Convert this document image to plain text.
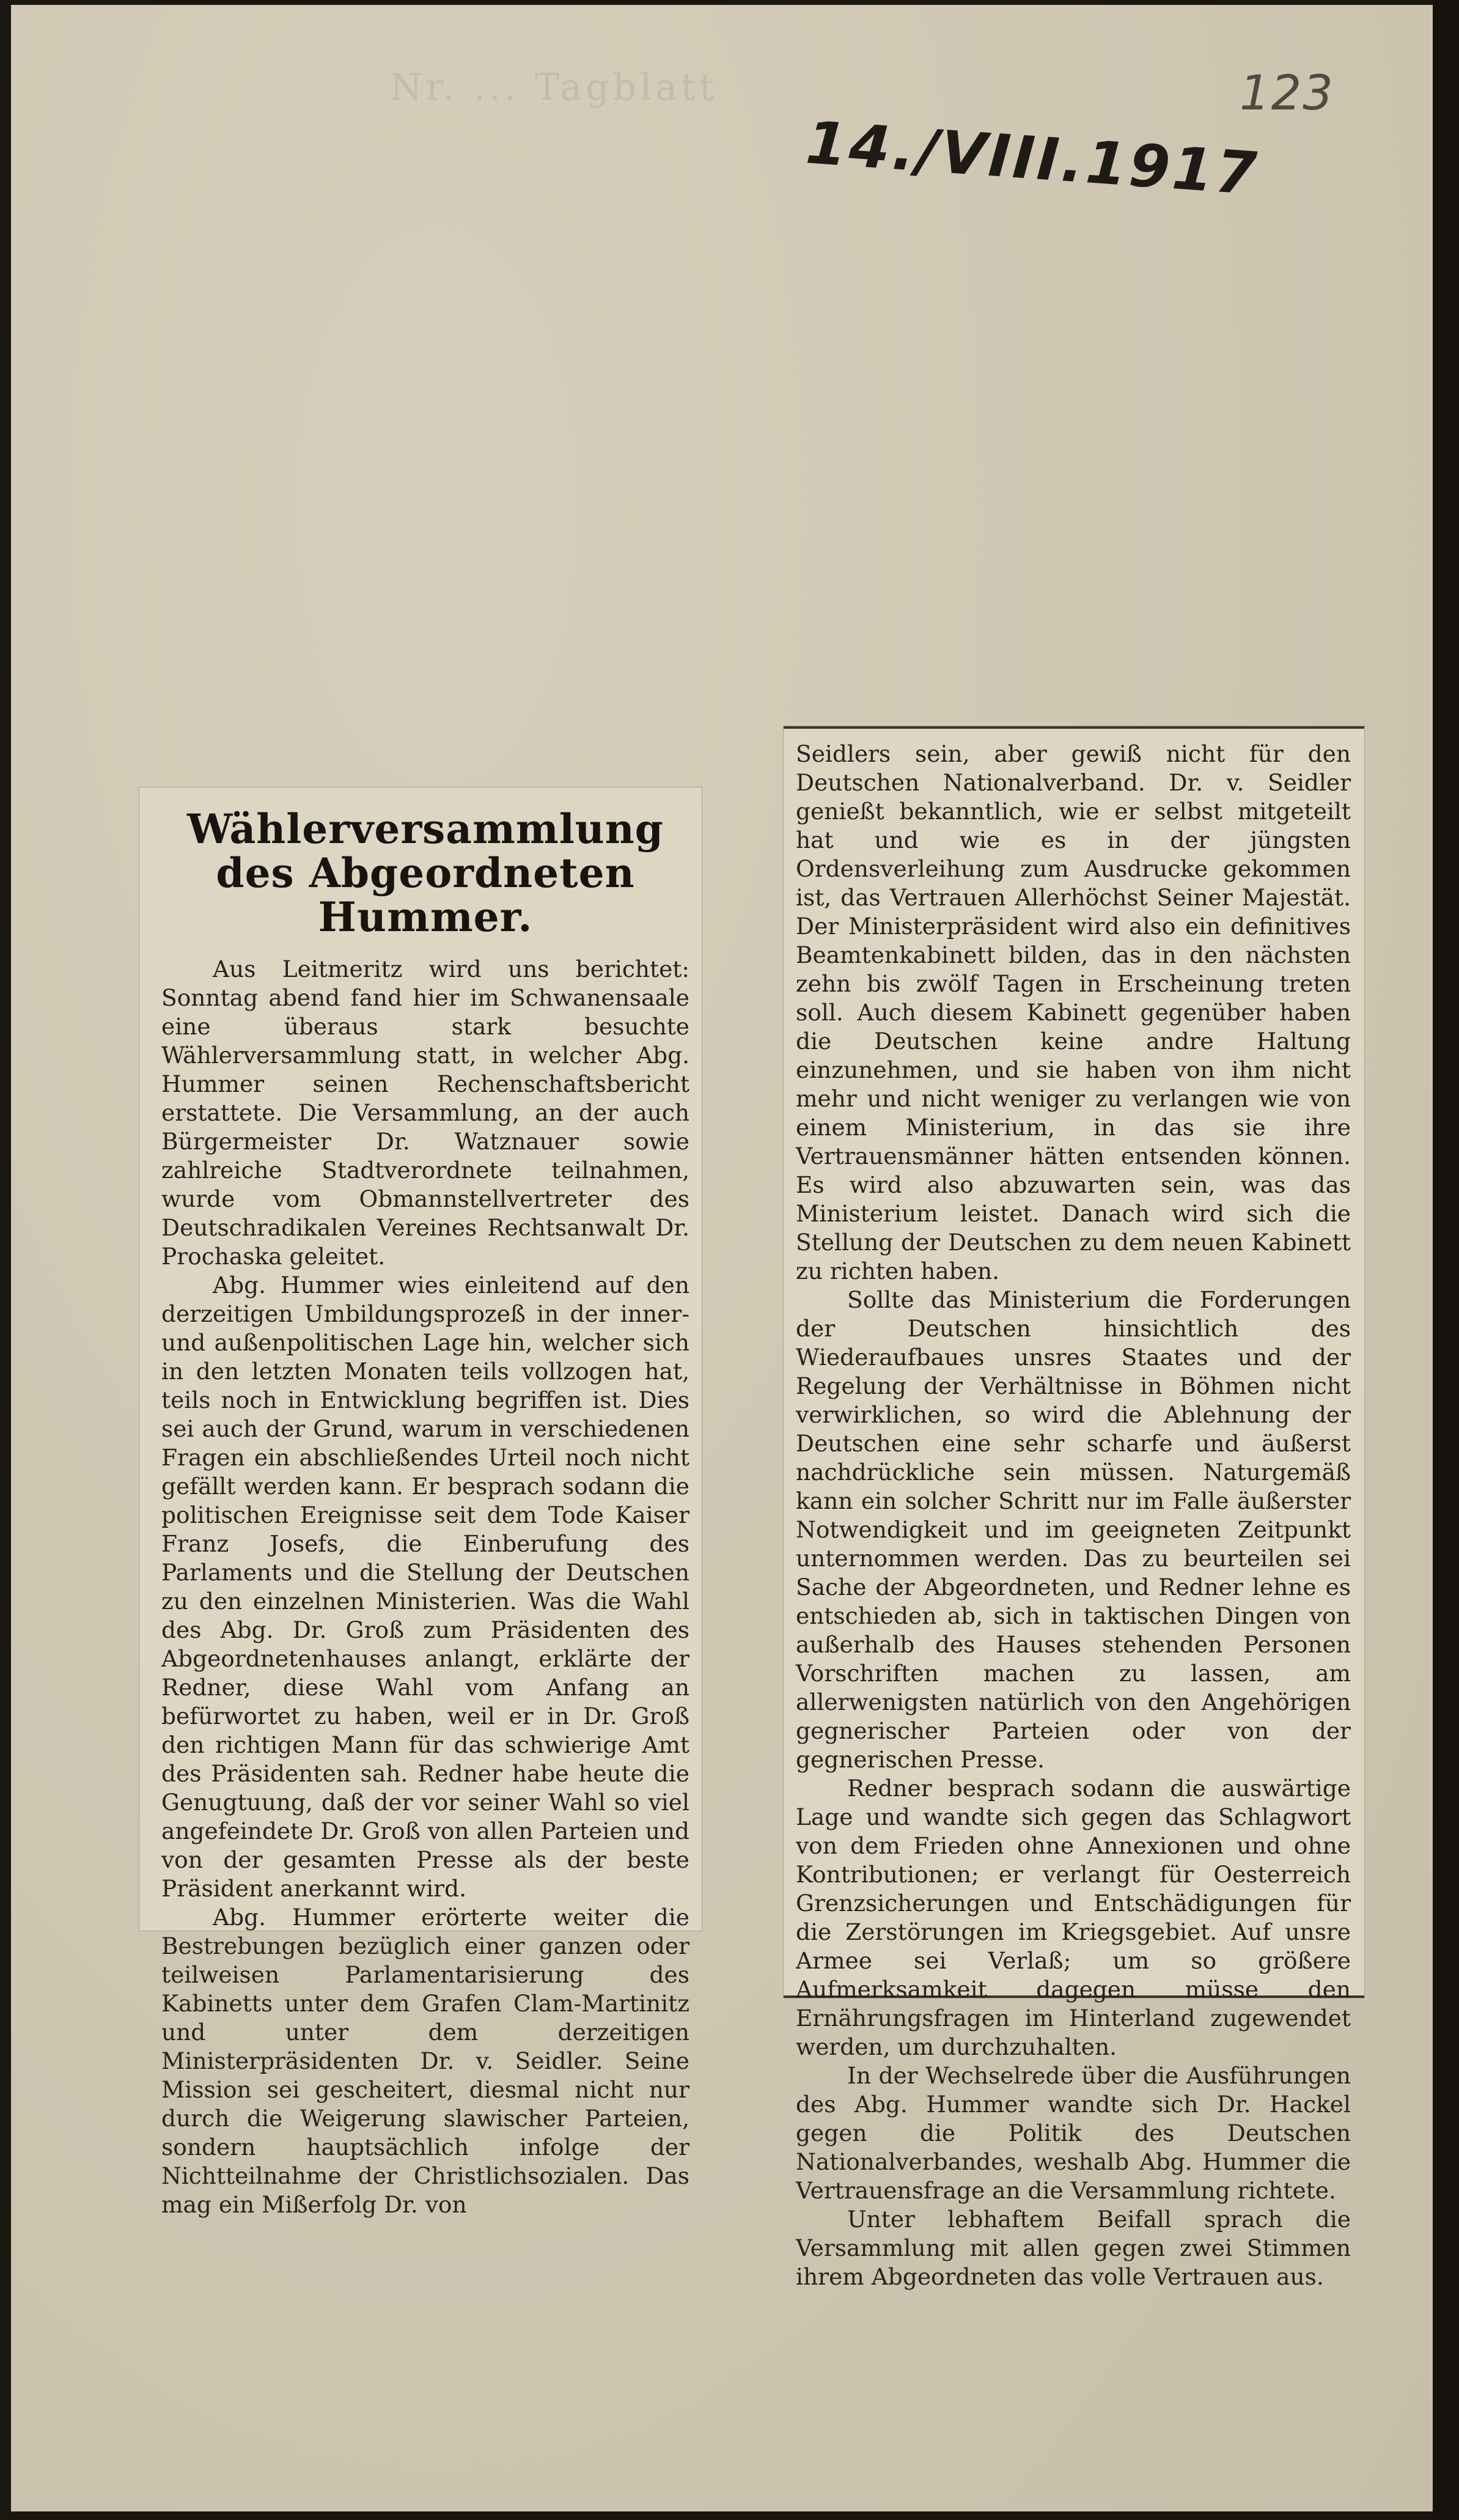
Nr. ... Tagblatt	123
14./VIII.1917
Wählerversammlung des Abgeordneten Hummer.

Aus Leitmeritz wird uns berichtet: Sonntag abend fand hier im Schwanensaale eine überaus stark besuchte Wählerversammlung statt, in welcher Abg. Hummer seinen Rechenschaftsbericht erstattete. Die Versammlung, an der auch Bürgermeister Dr. Watznauer sowie zahlreiche Stadtverordnete teilnahmen, wurde vom Obmannstellvertreter des Deutschradikalen Vereines Rechtsanwalt Dr. Prochaska geleitet.

Abg. Hummer wies einleitend auf den derzeitigen Umbildungsprozeß in der inner- und außenpolitischen Lage hin, welcher sich in den letzten Monaten teils vollzogen hat, teils noch in Entwicklung begriffen ist. Dies sei auch der Grund, warum in verschiedenen Fragen ein abschließendes Urteil noch nicht gefällt werden kann. Er besprach sodann die politischen Ereignisse seit dem Tode Kaiser Franz Josefs, die Einberufung des Parlaments und die Stellung der Deutschen zu den einzelnen Ministerien. Was die Wahl des Abg. Dr. Groß zum Präsidenten des Abgeordnetenhauses anlangt, erklärte der Redner, diese Wahl vom Anfang an befürwortet zu haben, weil er in Dr. Groß den richtigen Mann für das schwierige Amt des Präsidenten sah. Redner habe heute die Genugtuung, daß der vor seiner Wahl so viel angefeindete Dr. Groß von allen Parteien und von der gesamten Presse als der beste Präsident anerkannt wird.

Abg. Hummer erörterte weiter die Bestrebungen bezüglich einer ganzen oder teilweisen Parlamentarisierung des Kabinetts unter dem Grafen Clam-Martinitz und unter dem derzeitigen Ministerpräsidenten Dr. v. Seidler. Seine Mission sei gescheitert, diesmal nicht nur durch die Weigerung slawischer Parteien, sondern hauptsächlich infolge der Nichtteilnahme der Christlichsozialen. Das mag ein Mißerfolg Dr. von

Seidlers sein, aber gewiß nicht für den Deutschen Nationalverband. Dr. v. Seidler genießt bekanntlich, wie er selbst mitgeteilt hat und wie es in der jüngsten Ordensverleihung zum Ausdrucke gekommen ist, das Vertrauen Allerhöchst Seiner Majestät. Der Ministerpräsident wird also ein definitives Beamtenkabinett bilden, das in den nächsten zehn bis zwölf Tagen in Erscheinung treten soll. Auch diesem Kabinett gegenüber haben die Deutschen keine andre Haltung einzunehmen, und sie haben von ihm nicht mehr und nicht weniger zu verlangen wie von einem Ministerium, in das sie ihre Vertrauensmänner hätten entsenden können. Es wird also abzuwarten sein, was das Ministerium leistet. Danach wird sich die Stellung der Deutschen zu dem neuen Kabinett zu richten haben.

Sollte das Ministerium die Forderungen der Deutschen hinsichtlich des Wiederaufbaues unsres Staates und der Regelung der Verhältnisse in Böhmen nicht verwirklichen, so wird die Ablehnung der Deutschen eine sehr scharfe und äußerst nachdrückliche sein müssen. Naturgemäß kann ein solcher Schritt nur im Falle äußerster Notwendigkeit und im geeigneten Zeitpunkt unternommen werden. Das zu beurteilen sei Sache der Abgeordneten, und Redner lehne es entschieden ab, sich in taktischen Dingen von außerhalb des Hauses stehenden Personen Vorschriften machen zu lassen, am allerwenigsten natürlich von den Angehörigen gegnerischer Parteien oder von der gegnerischen Presse.

Redner besprach sodann die auswärtige Lage und wandte sich gegen das Schlagwort von dem Frieden ohne Annexionen und ohne Kontributionen; er verlangt für Oesterreich Grenzsicherungen und Entschädigungen für die Zerstörungen im Kriegsgebiet. Auf unsre Armee sei Verlaß; um so größere Aufmerksamkeit dagegen müsse den Ernährungsfragen im Hinterland zugewendet werden, um durchzuhalten.

In der Wechselrede über die Ausführungen des Abg. Hummer wandte sich Dr. Hackel gegen die Politik des Deutschen Nationalverbandes, weshalb Abg. Hummer die Vertrauensfrage an die Versammlung richtete.

Unter lebhaftem Beifall sprach die Versammlung mit allen gegen zwei Stimmen ihrem Abgeordneten das volle Vertrauen aus.
